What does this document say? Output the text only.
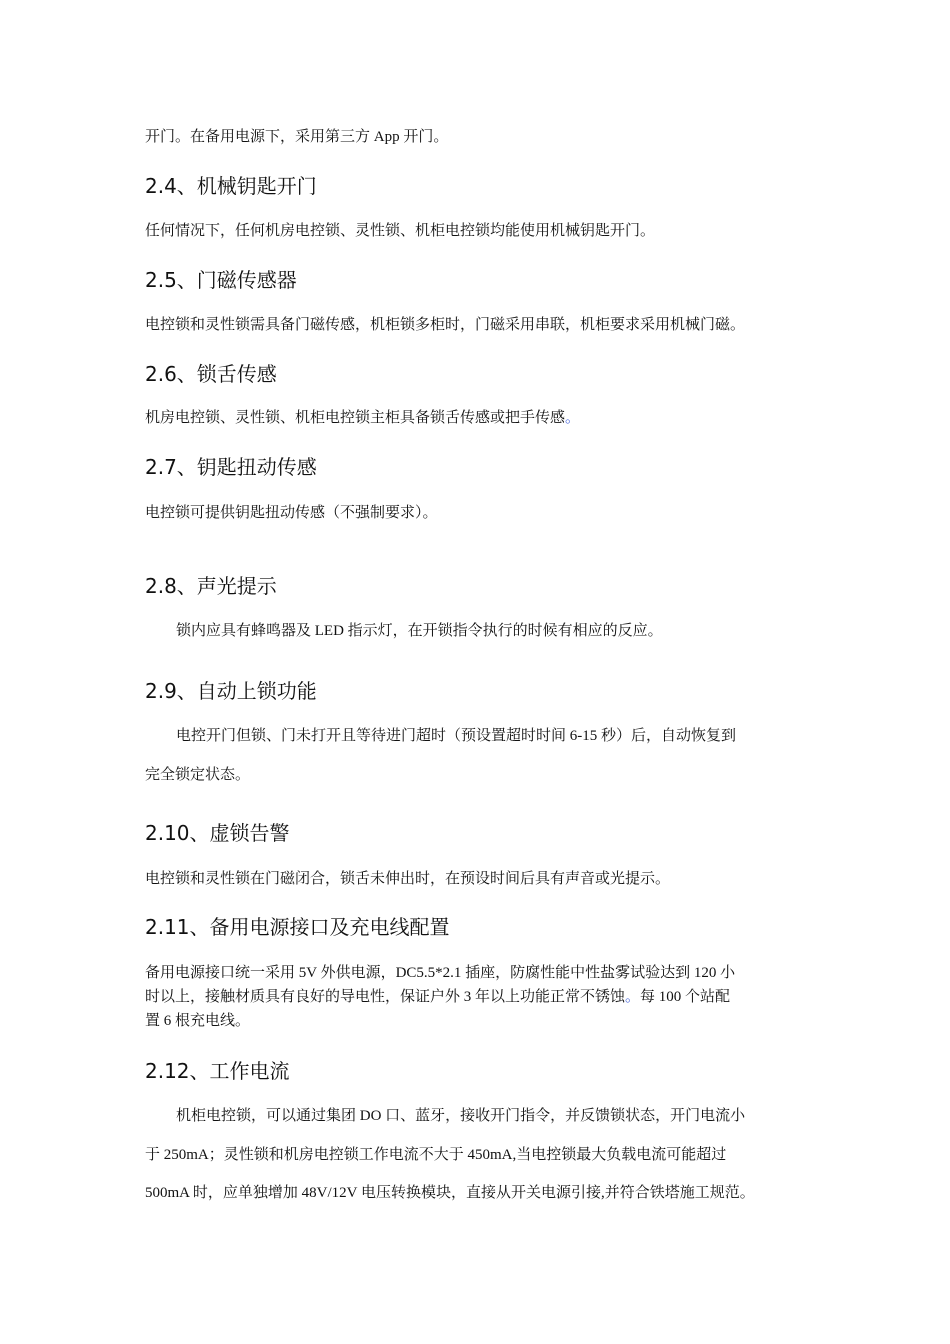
开门。在备用电源下，采用第三方 App 开门。
2.4、机械钥匙开门
任何情况下，任何机房电控锁、灵性锁、机柜电控锁均能使用机械钥匙开门。
2.5、门磁传感器
电控锁和灵性锁需具备门磁传感，机柜锁多柜时，门磁采用串联，机柜要求采用机械门磁。
2.6、锁舌传感
机房电控锁、灵性锁、机柜电控锁主柜具备锁舌传感或把手传感。
2.7、钥匙扭动传感
电控锁可提供钥匙扭动传感（不强制要求）。
2.8、声光提示
锁内应具有蜂鸣器及 LED 指示灯，在开锁指令执行的时候有相应的反应。
2.9、自动上锁功能
电控开门但锁、门未打开且等待进门超时（预设置超时时间 6-15 秒）后，自动恢复到
完全锁定状态。
2.10、虚锁告警
电控锁和灵性锁在门磁闭合，锁舌未伸出时，在预设时间后具有声音或光提示。
2.11、备用电源接口及充电线配置
备用电源接口统一采用 5V 外供电源，DC5.5*2.1 插座，防腐性能中性盐雾试验达到 120 小
时以上，接触材质具有良好的导电性，保证户外 3 年以上功能正常不锈蚀。每 100 个站配
置 6 根充电线。
2.12、工作电流
机柜电控锁，可以通过集团 DO 口、蓝牙，接收开门指令，并反馈锁状态，开门电流小
于 250mA；灵性锁和机房电控锁工作电流不大于 450mA,当电控锁最大负载电流可能超过
500mA 时，应单独增加 48V/12V 电压转换模块，直接从开关电源引接,并符合铁塔施工规范。
